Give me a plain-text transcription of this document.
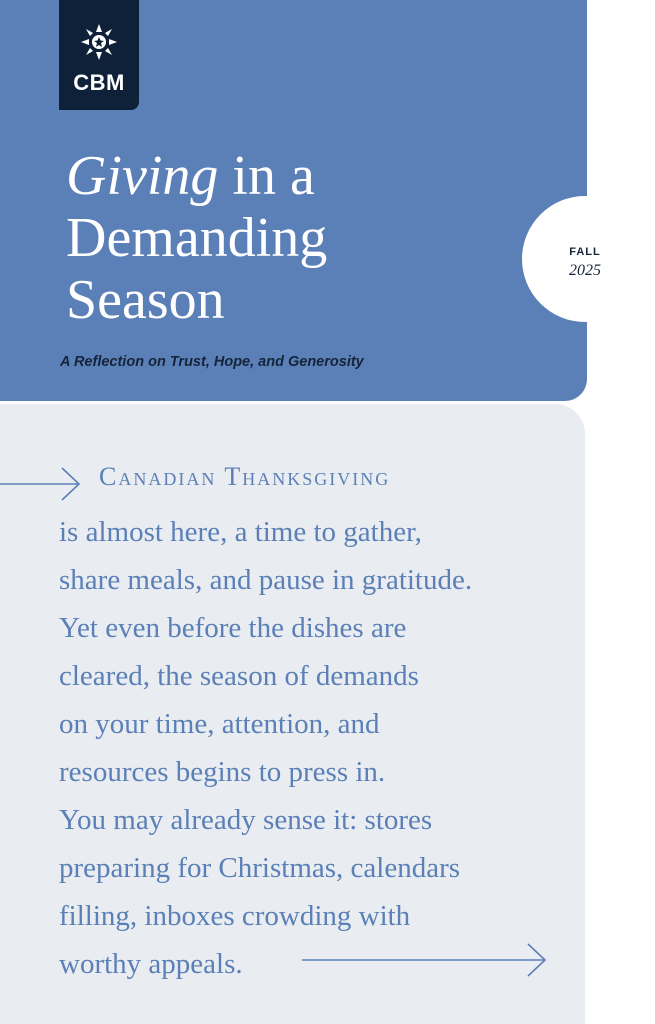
CBM
Giving in a
Demanding
Season

A Reflection on Trust, Hope, and Generosity

FALL
2025

Canadian Thanksgiving

is almost here, a time to gather,
share meals, and pause in gratitude.
Yet even before the dishes are
cleared, the season of demands
on your time, attention, and
resources begins to press in.
You may already sense it: stores
preparing for Christmas, calendars
filling, inboxes crowding with
worthy appeals.
